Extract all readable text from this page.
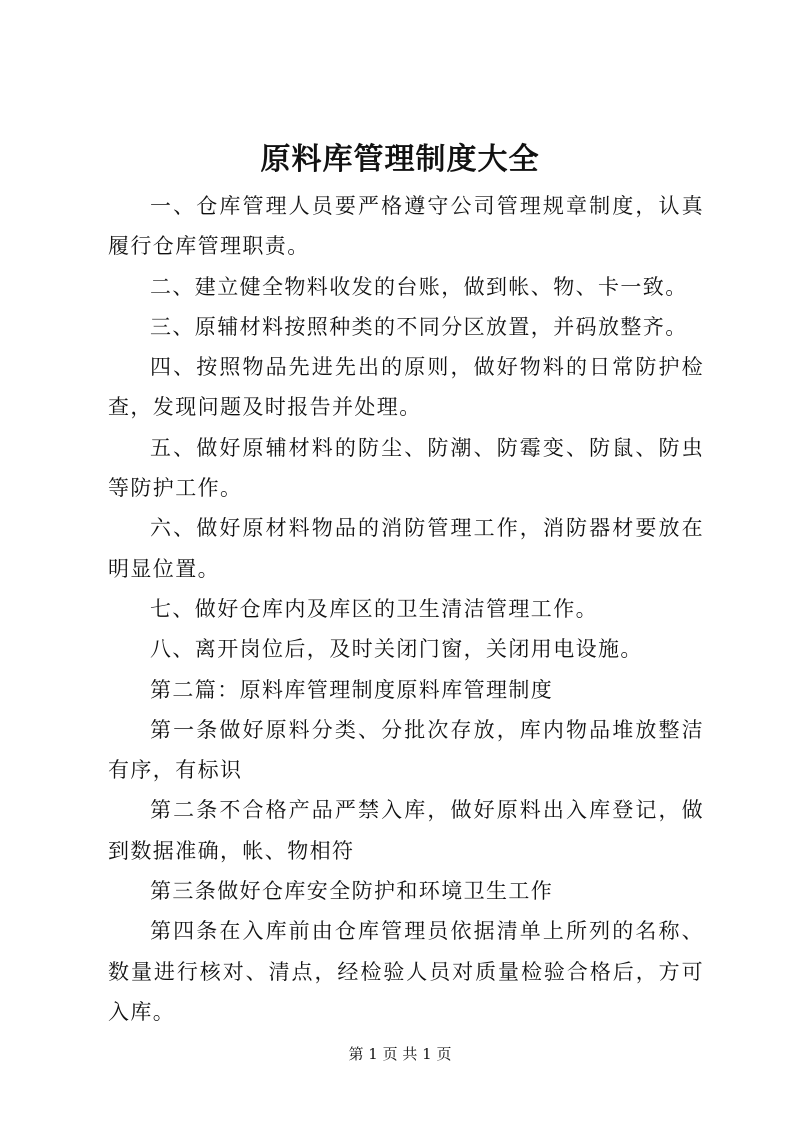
原料库管理制度大全

一、仓库管理人员要严格遵守公司管理规章制度，认真履行仓库管理职责。

二、建立健全物料收发的台账，做到帐、物、卡一致。

三、原辅材料按照种类的不同分区放置，并码放整齐。

四、按照物品先进先出的原则，做好物料的日常防护检查，发现问题及时报告并处理。

五、做好原辅材料的防尘、防潮、防霉变、防鼠、防虫等防护工作。

六、做好原材料物品的消防管理工作，消防器材要放在明显位置。

七、做好仓库内及库区的卫生清洁管理工作。

八、离开岗位后，及时关闭门窗，关闭用电设施。

第二篇：原料库管理制度原料库管理制度

第一条做好原料分类、分批次存放，库内物品堆放整洁有序，有标识

第二条不合格产品严禁入库，做好原料出入库登记，做到数据准确，帐、物相符

第三条做好仓库安全防护和环境卫生工作

第四条在入库前由仓库管理员依据清单上所列的名称、数量进行核对、清点，经检验人员对质量检验合格后，方可入库。

第 1 页 共 1 页
